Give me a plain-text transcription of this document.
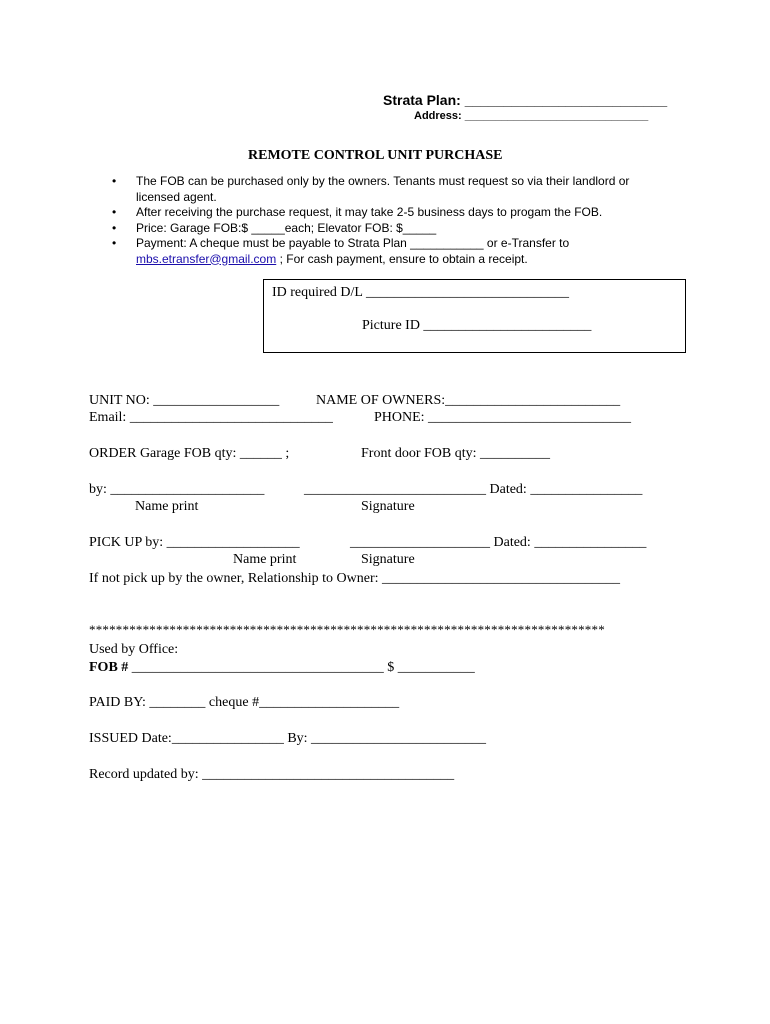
Strata Plan: __________________________
Address: ______________________________
REMOTE CONTROL UNIT PURCHASE
• The FOB can be purchased only by the owners. Tenants must request so via their landlord or licensed agent.
• After receiving the purchase request, it may take 2-5 business days to progam the FOB.
• Price: Garage FOB:$ _____each; Elevator FOB: $_____
• Payment: A cheque must be payable to Strata Plan ___________ or e-Transfer to
mbs.etransfer@gmail.com ; For cash payment, ensure to obtain a receipt.
ID required D/L _____________________________
Picture ID ________________________
UNIT NO: __________________	NAME OF OWNERS:_________________________
Email: _____________________________	PHONE: _____________________________
ORDER Garage FOB qty: ______ ;	Front door FOB qty: __________
by: ______________________	__________________________ Dated: ________________
Name print	Signature
PICK UP by: ___________________	____________________ Dated: ________________
Name print	Signature
If not pick up by the owner, Relationship to Owner: __________________________________
*****************************************************************************
Used by Office:
FOB # ____________________________________ $ ___________
PAID BY: ________ cheque #____________________
ISSUED Date:________________ By: _________________________
Record updated by: ____________________________________
